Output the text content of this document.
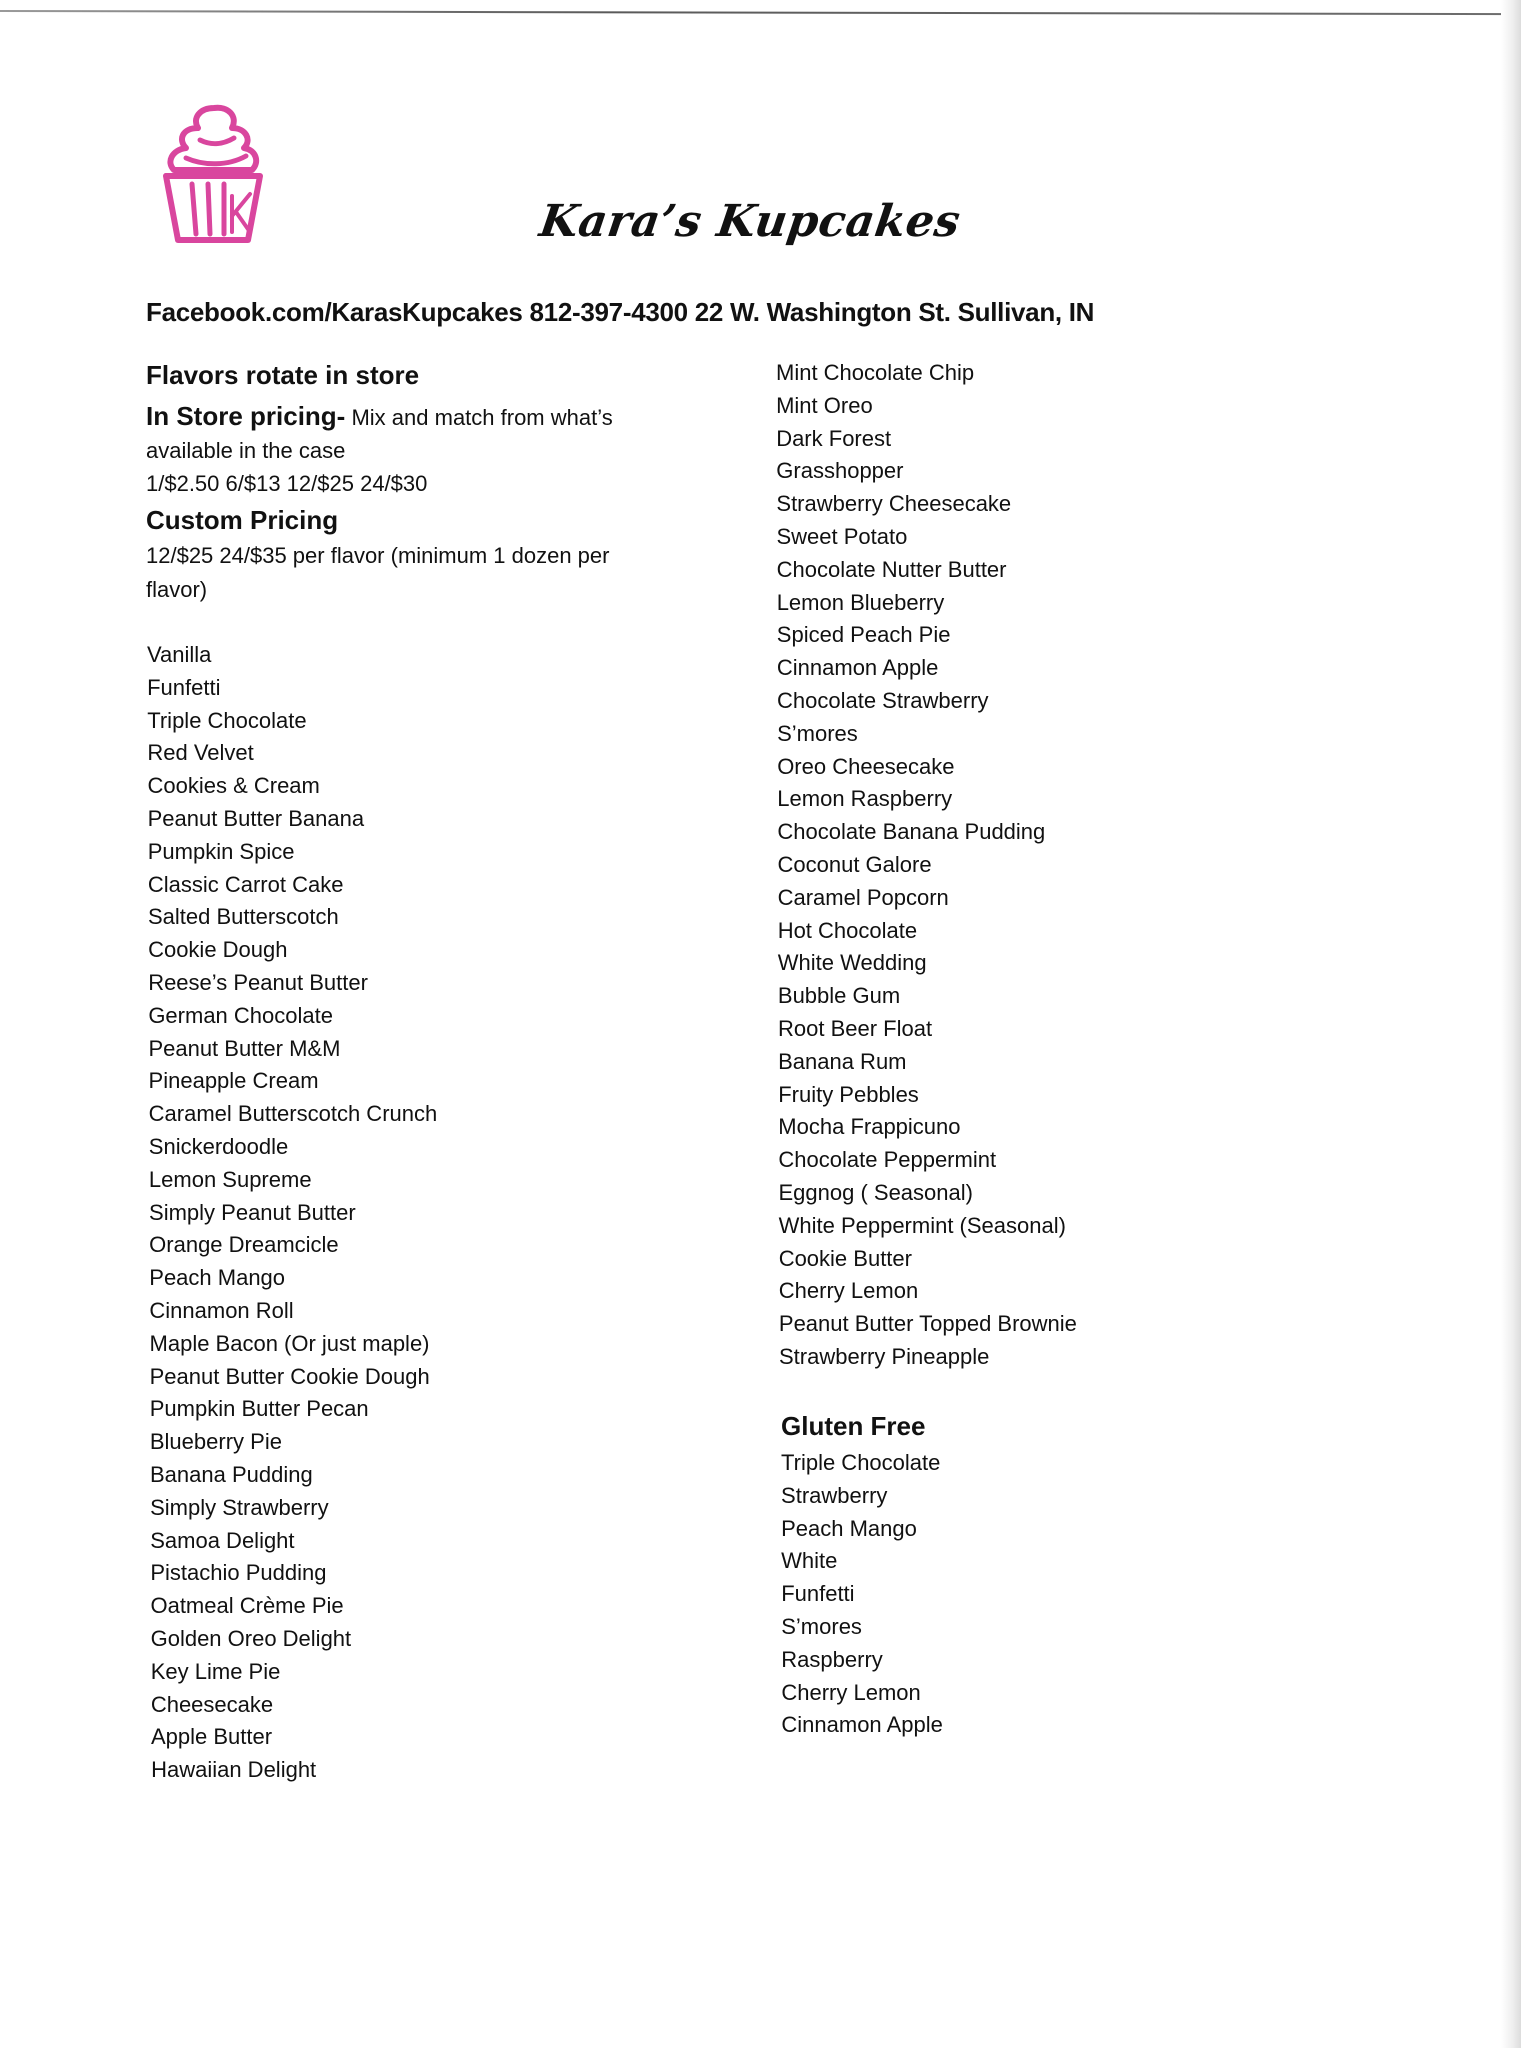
Kara’s Kupcakes
Facebook.com/KarasKupcakes 812-397-4300 22 W. Washington St. Sullivan, IN
Flavors rotate in store
In Store pricing- Mix and match from what’s
available in the case
1/$2.50 6/$13 12/$25 24/$30
Custom Pricing
12/$25 24/$35 per flavor (minimum 1 dozen per
flavor)
Vanilla
Funfetti
Triple Chocolate
Red Velvet
Cookies & Cream
Peanut Butter Banana
Pumpkin Spice
Classic Carrot Cake
Salted Butterscotch
Cookie Dough
Reese’s Peanut Butter
German Chocolate
Peanut Butter M&M
Pineapple Cream
Caramel Butterscotch Crunch
Snickerdoodle
Lemon Supreme
Simply Peanut Butter
Orange Dreamcicle
Peach Mango
Cinnamon Roll
Maple Bacon (Or just maple)
Peanut Butter Cookie Dough
Pumpkin Butter Pecan
Blueberry Pie
Banana Pudding
Simply Strawberry
Samoa Delight
Pistachio Pudding
Oatmeal Crème Pie
Golden Oreo Delight
Key Lime Pie
Cheesecake
Apple Butter
Hawaiian Delight
Mint Chocolate Chip
Mint Oreo
Dark Forest
Grasshopper
Strawberry Cheesecake
Sweet Potato
Chocolate Nutter Butter
Lemon Blueberry
Spiced Peach Pie
Cinnamon Apple
Chocolate Strawberry
S’mores
Oreo Cheesecake
Lemon Raspberry
Chocolate Banana Pudding
Coconut Galore
Caramel Popcorn
Hot Chocolate
White Wedding
Bubble Gum
Root Beer Float
Banana Rum
Fruity Pebbles
Mocha Frappicuno
Chocolate Peppermint
Eggnog ( Seasonal)
White Peppermint (Seasonal)
Cookie Butter
Cherry Lemon
Peanut Butter Topped Brownie
Strawberry Pineapple
Gluten Free
Triple Chocolate
Strawberry
Peach Mango
White
Funfetti
S’mores
Raspberry
Cherry Lemon
Cinnamon Apple
